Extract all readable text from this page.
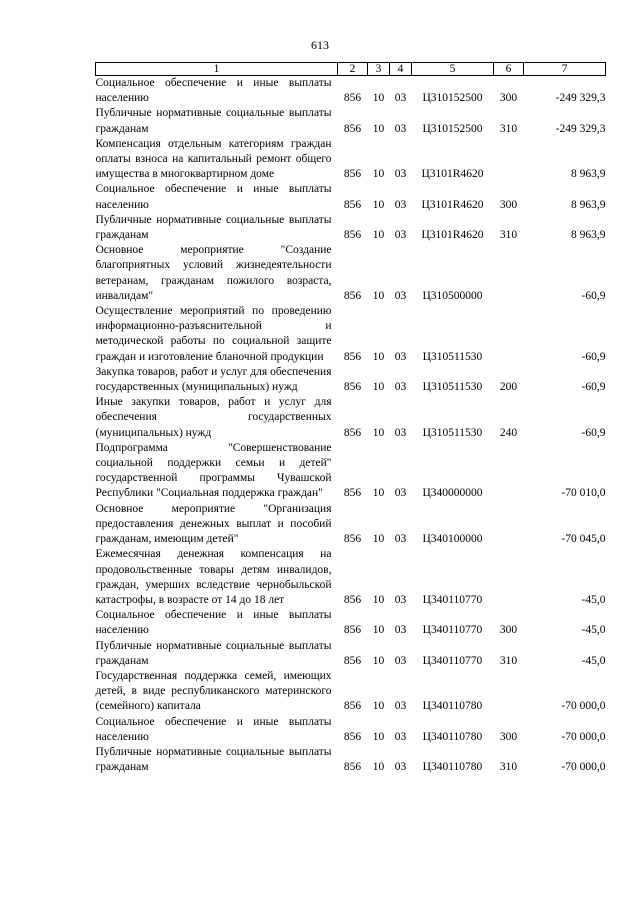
613
1	2	3	4	5	6	7
Социальное обеспечение и иные выплаты населению	856	10	03	Ц310152500	300	-249 329,3
Публичные нормативные социальные выплаты гражданам	856	10	03	Ц310152500	310	-249 329,3
Компенсация отдельным категориям граждан оплаты взноса на капитальный ремонт общего имущества в многоквартирном доме	856	10	03	Ц3101R4620		8 963,9
Социальное обеспечение и иные выплаты населению	856	10	03	Ц3101R4620	300	8 963,9
Публичные нормативные социальные выплаты гражданам	856	10	03	Ц3101R4620	310	8 963,9
Основное мероприятие "Создание благоприятных условий жизнедеятельности ветеранам, гражданам пожилого возраста, инвалидам"	856	10	03	Ц310500000		-60,9
Осуществление мероприятий по проведению информационно-разъяснительной и методической работы по социальной защите граждан и изготовление бланочной продукции	856	10	03	Ц310511530		-60,9
Закупка товаров, работ и услуг для обеспечения государственных (муниципальных) нужд	856	10	03	Ц310511530	200	-60,9
Иные закупки товаров, работ и услуг для обеспечения государственных (муниципальных) нужд	856	10	03	Ц310511530	240	-60,9
Подпрограмма "Совершенствование социальной поддержки семьи и детей" государственной программы Чувашской Республики "Социальная поддержка граждан"	856	10	03	Ц340000000		-70 010,0
Основное мероприятие "Организация предоставления денежных выплат и пособий гражданам, имеющим детей"	856	10	03	Ц340100000		-70 045,0
Ежемесячная денежная компенсация на продовольственные товары детям инвалидов, граждан, умерших вследствие чернобыльской катастрофы, в возрасте от 14 до 18 лет	856	10	03	Ц340110770		-45,0
Социальное обеспечение и иные выплаты населению	856	10	03	Ц340110770	300	-45,0
Публичные нормативные социальные выплаты гражданам	856	10	03	Ц340110770	310	-45,0
Государственная поддержка семей, имеющих детей, в виде республиканского материнского (семейного) капитала	856	10	03	Ц340110780		-70 000,0
Социальное обеспечение и иные выплаты населению	856	10	03	Ц340110780	300	-70 000,0
Публичные нормативные социальные выплаты гражданам	856	10	03	Ц340110780	310	-70 000,0
